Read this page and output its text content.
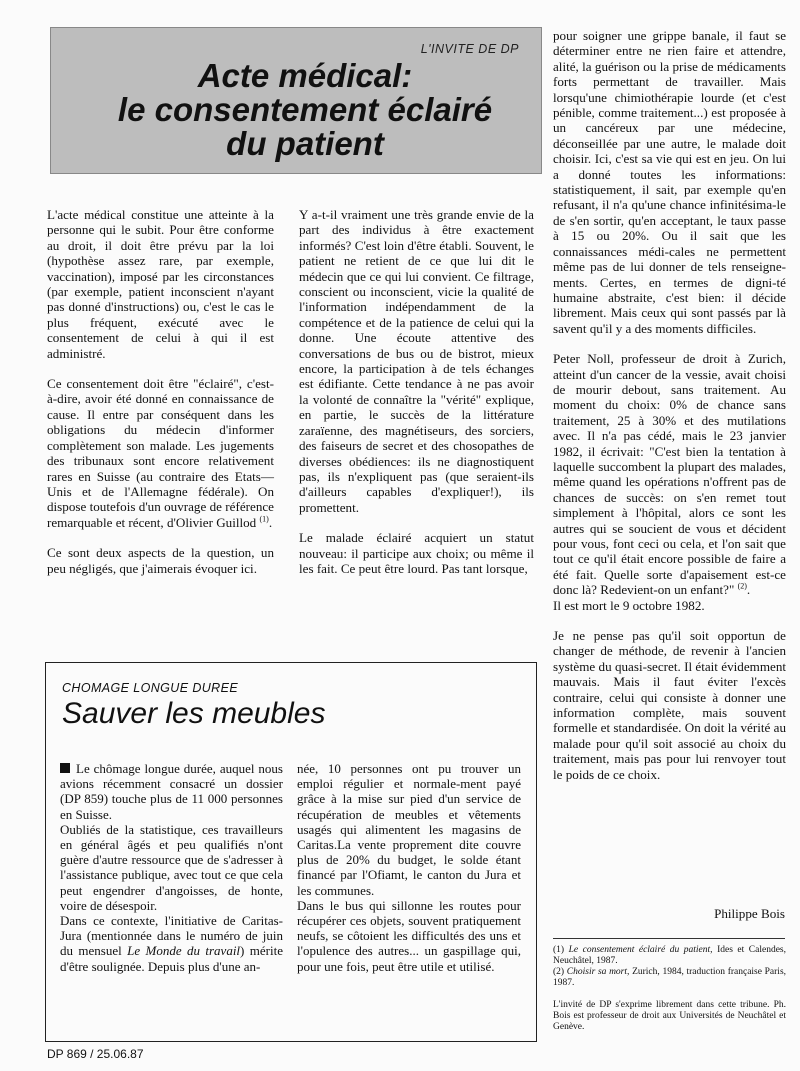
L'INVITE DE DP
Acte médical:
le consentement éclairé
du patient

L'acte médical constitue une atteinte à la personne qui le subit. Pour être conforme au droit, il doit être prévu par la loi (hypothèse assez rare, par exemple, vaccination), imposé par les circonstances (par exemple, patient inconscient n'ayant pas donné d'instructions) ou, c'est le cas le plus fréquent, exécuté avec le consentement de celui à qui il est administré.

Ce consentement doit être "éclairé", c'est-à-dire, avoir été donné en connaissance de cause. Il entre par conséquent dans les obligations du médecin d'informer complètement son malade. Les jugements des tribunaux sont encore relativement rares en Suisse (au contraire des Etats—Unis et de l'Allemagne fédérale). On dispose toutefois d'un ouvrage de référence remarquable et récent, d'Olivier Guillod $^{(1)}$.

Ce sont deux aspects de la question, un peu négligés, que j'aimerais évoquer ici.

Y a-t-il vraiment une très grande envie de la part des individus à être exactement informés? C'est loin d'être établi. Souvent, le patient ne retient de ce que lui dit le médecin que ce qui lui convient. Ce filtrage, conscient ou inconscient, vicie la qualité de l'information indépendamment de la compétence et de la patience de celui qui la donne. Une écoute attentive des conversations de bus ou de bistrot, mieux encore, la participation à de tels échanges est édifiante. Cette tendance à ne pas avoir la volonté de connaître la "vérité" explique, en partie, le succès de la littérature zaraïenne, des magnétiseurs, des sorciers, des faiseurs de secret et des chosopathes de diverses obédiences: ils ne diagnostiquent pas, ils n'expliquent pas (que seraient-ils d'ailleurs capables d'expliquer!), ils promettent.

Le malade éclairé acquiert un statut nouveau: il participe aux choix; ou même il les fait. Ce peut être lourd. Pas tant lorsque,

pour soigner une grippe banale, il faut se déterminer entre ne rien faire et attendre, alité, la guérison ou la prise de médicaments forts permettant de travailler. Mais lorsqu'une chimiothérapie lourde (et c'est pénible, comme traitement...) est proposée à un cancéreux par une médecine, déconseillée par une autre, le malade doit choisir. Ici, c'est sa vie qui est en jeu. On lui a donné toutes les informations: statistiquement, il sait, par exemple qu'en refusant, il n'a qu'une chance infinitésima-le de s'en sortir, qu'en acceptant, le taux passe à 15 ou 20%. Ou il sait que les connaissances médi-cales ne permettent même pas de lui donner de tels renseigne-ments. Certes, en termes de digni-té humaine abstraite, c'est bien: il décide librement. Mais ceux qui sont passés par là savent qu'il y a des moments difficiles.

Peter Noll, professeur de droit à Zurich, atteint d'un cancer de la vessie, avait choisi de mourir debout, sans traitement. Au moment du choix: 0% de chance sans traitement, 25 à 30% et des mutilations avec. Il n'a pas cédé, mais le 23 janvier 1982, il écrivait: "C'est bien la tentation à laquelle succombent la plupart des malades, même quand les opérations n'offrent pas de chances de succès: on s'en remet tout simplement à l'hôpital, alors ce sont les autres qui se soucient de vous et décident pour vous, font ceci ou cela, et l'on sait que tout ce qu'il était encore possible de faire a été fait. Quelle sorte d'apaisement est-ce donc là? Redevient-on un enfant?" $^{(2)}$.

Il est mort le 9 octobre 1982.

Je ne pense pas qu'il soit opportun de changer de méthode, de revenir à l'ancien système du quasi-secret. Il était évidemment mauvais. Mais il faut éviter l'excès contraire, celui qui consiste à donner une information complète, mais souvent formelle et standardisée. On doit la vérité au malade pour qu'il soit associé au choix du traitement, mais pas pour lui renvoyer tout le poids de ce choix.

Philippe Bois

(1) Le consentement éclairé du patient, Ides et Calendes, Neuchâtel, 1987.

(2) Choisir sa mort, Zurich, 1984, traduction française Paris, 1987.

L'invité de DP s'exprime librement dans cette tribune. Ph. Bois est professeur de droit aux Universités de Neuchâtel et Genève.

CHOMAGE LONGUE DUREE
Sauver les meubles

Le chômage longue durée, auquel nous avions récemment consacré un dossier (DP 859) touche plus de 11 000 personnes en Suisse.

Oubliés de la statistique, ces travailleurs en général âgés et peu qualifiés n'ont guère d'autre ressource que de s'adresser à l'assistance publique, avec tout ce que cela peut engendrer d'angoisses, de honte, voire de désespoir.

Dans ce contexte, l'initiative de Caritas-Jura (mentionnée dans le numéro de juin du mensuel Le Monde du travail) mérite d'être soulignée. Depuis plus d'une an-

née, 10 personnes ont pu trouver un emploi régulier et normale-ment payé grâce à la mise sur pied d'un service de récupération de meubles et vêtements usagés qui alimentent les magasins de Caritas.La vente proprement dite couvre plus de 20% du budget, le solde étant financé par l'Ofiamt, le canton du Jura et les communes.

Dans le bus qui sillonne les routes pour récupérer ces objets, souvent pratiquement neufs, se côtoient les difficultés des uns et l'opulence des autres... un gaspillage qui, pour une fois, peut être utile et utilisé.

DP 869 / 25.06.87
